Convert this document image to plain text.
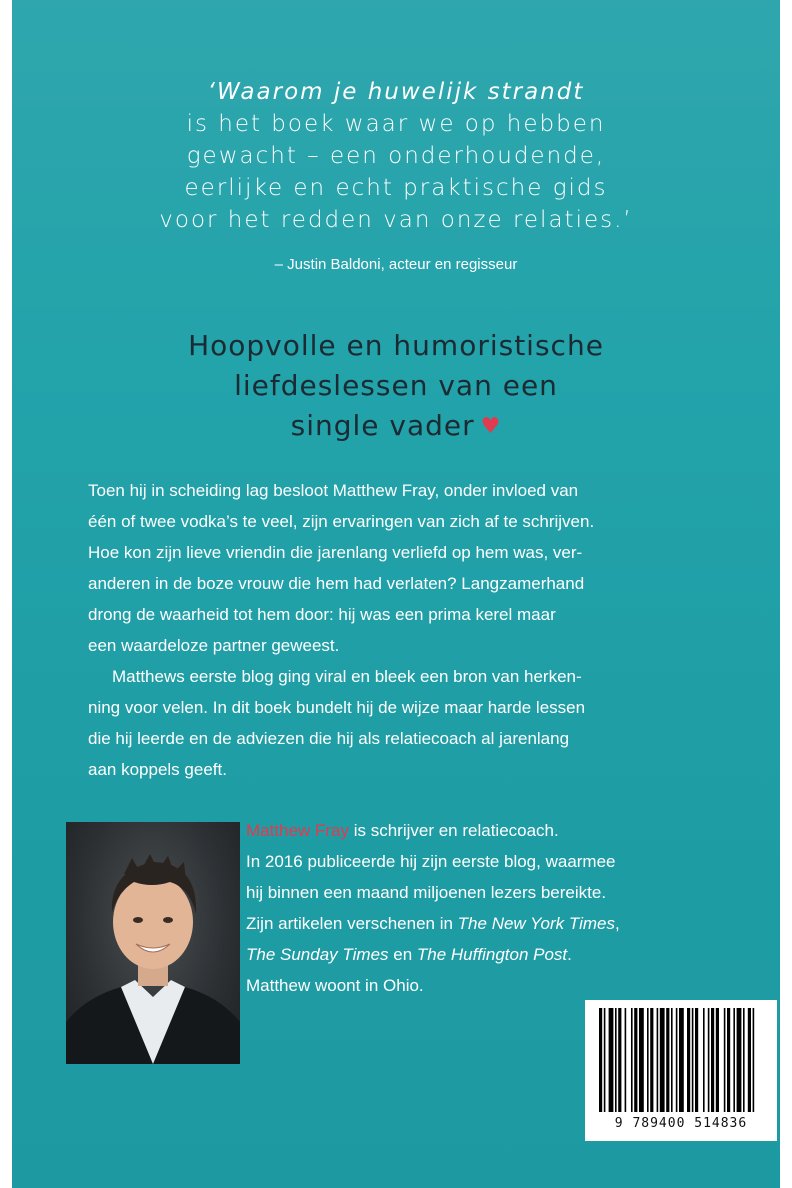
‘Waarom je huwelijk strandt
is het boek waar we op hebben
gewacht – een onderhoudende,
eerlijke en echt praktische gids
voor het redden van onze relaties.’
– Justin Baldoni, acteur en regisseur
Hoopvolle en humoristische
liefdeslessen van een
single vader ♥
Toen hij in scheiding lag besloot Matthew Fray, onder invloed van
één of twee vodka’s te veel, zijn ervaringen van zich af te schrijven.
Hoe kon zijn lieve vriendin die jarenlang verliefd op hem was, ver-
anderen in de boze vrouw die hem had verlaten? Langzamerhand
drong de waarheid tot hem door: hij was een prima kerel maar
een waardeloze partner geweest.
Matthews eerste blog ging viral en bleek een bron van herken-
ning voor velen. In dit boek bundelt hij de wijze maar harde lessen
die hij leerde en de adviezen die hij als relatiecoach al jarenlang
aan koppels geeft.
Matthew Fray is schrijver en relatiecoach.
In 2016 publiceerde hij zijn eerste blog, waarmee
hij binnen een maand miljoenen lezers bereikte.
Zijn artikelen verschenen in The New York Times,
The Sunday Times en The Huffington Post.
Matthew woont in Ohio.
9 789400 514836
